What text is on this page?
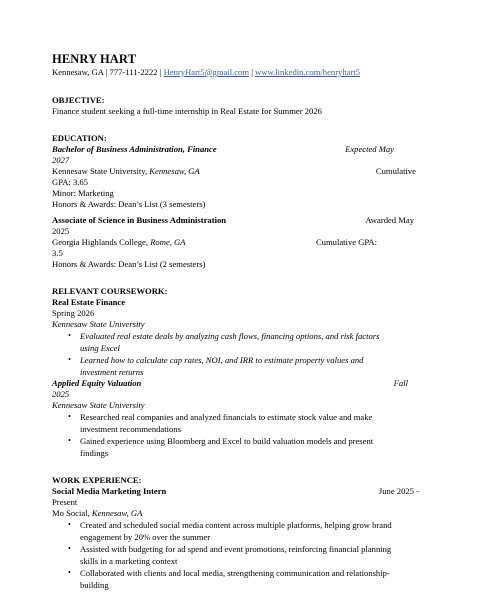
HENRY HART
Kennesaw, GA | 777-111-2222 | HenryHart5@gmail.com | www.linkedin.com/henryhart5
OBJECTIVE:
Finance student seeking a full-time internship in Real Estate for Summer 2026
EDUCATION:
Bachelor of Business Administration, Finance	Expected May
2027
Kennesaw State University, Kennesaw, GA	Cumulative
GPA: 3.65
Minor: Marketing
Honors & Awards: Dean’s List (3 semesters)
Associate of Science in Business Administration	Awarded May
2025
Georgia Highlands College, Rome, GA	Cumulative GPA:
3.5
Honors & Awards: Dean’s List (2 semesters)
RELEVANT COURSEWORK:
Real Estate Finance
Spring 2026
Kennesaw State University
• Evaluated real estate deals by analyzing cash flows, financing options, and risk factors using Excel
• Learned how to calculate cap rates, NOI, and IRR to estimate property values and investment returns
Applied Equity Valuation	Fall
2025
Kennesaw State University
• Researched real companies and analyzed financials to estimate stock value and make investment recommendations
• Gained experience using Bloomberg and Excel to build valuation models and present findings
WORK EXPERIENCE:
Social Media Marketing Intern	June 2025 -
Present
Mo Social, Kennesaw, GA
• Created and scheduled social media content across multiple platforms, helping grow brand engagement by 20% over the summer
• Assisted with budgeting for ad spend and event promotions, reinforcing financial planning skills in a marketing context
• Collaborated with clients and local media, strengthening communication and relationship-building
